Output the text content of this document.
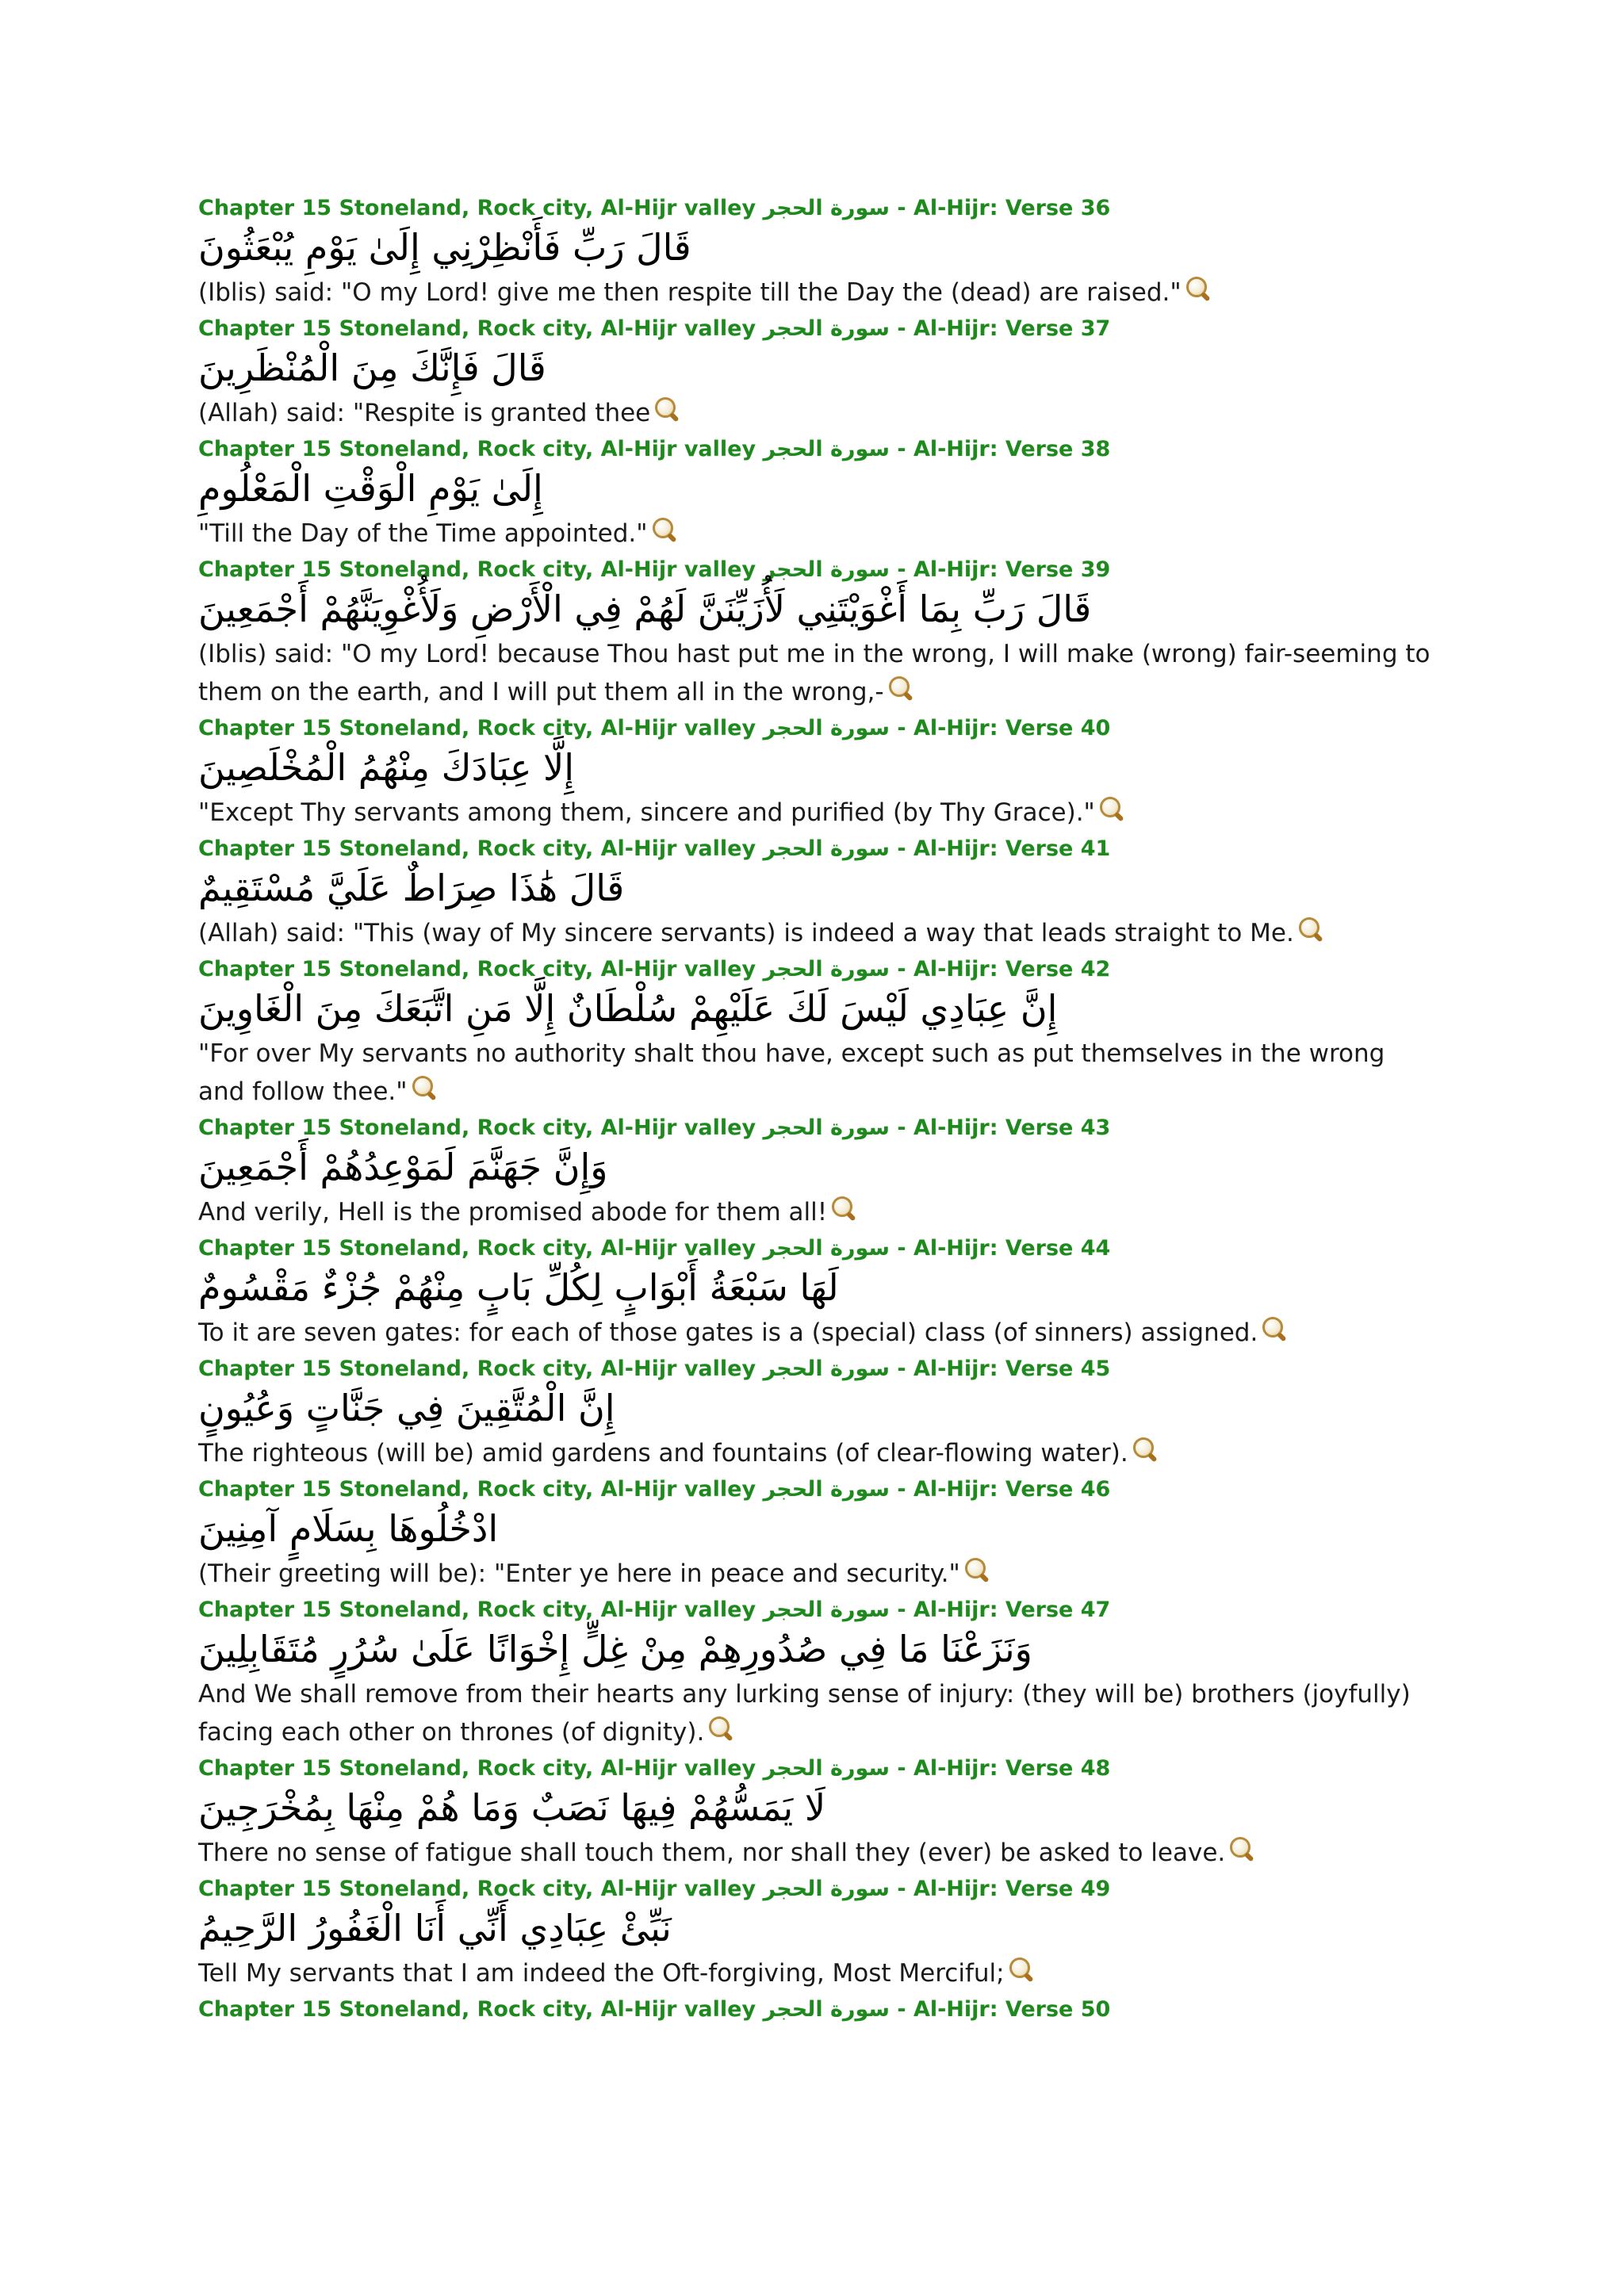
Chapter 15 Stoneland, Rock city, Al-Hijr valley سورة الحجر - Al-Hijr: Verse 36
قَالَ رَبِّ فَأَنْظِرْنِي إِلَىٰ يَوْمِ يُبْعَثُونَ
(Iblis) said: "O my Lord! give me then respite till the Day the (dead) are raised."
Chapter 15 Stoneland, Rock city, Al-Hijr valley سورة الحجر - Al-Hijr: Verse 37
قَالَ فَإِنَّكَ مِنَ الْمُنْظَرِينَ
(Allah) said: "Respite is granted thee
Chapter 15 Stoneland, Rock city, Al-Hijr valley سورة الحجر - Al-Hijr: Verse 38
إِلَىٰ يَوْمِ الْوَقْتِ الْمَعْلُومِ
"Till the Day of the Time appointed."
Chapter 15 Stoneland, Rock city, Al-Hijr valley سورة الحجر - Al-Hijr: Verse 39
قَالَ رَبِّ بِمَا أَغْوَيْتَنِي لَأُزَيِّنَنَّ لَهُمْ فِي الْأَرْضِ وَلَأُغْوِيَنَّهُمْ أَجْمَعِينَ
(Iblis) said: "O my Lord! because Thou hast put me in the wrong, I will make (wrong) fair-seeming to them on the earth, and I will put them all in the wrong,-
Chapter 15 Stoneland, Rock city, Al-Hijr valley سورة الحجر - Al-Hijr: Verse 40
إِلَّا عِبَادَكَ مِنْهُمُ الْمُخْلَصِينَ
"Except Thy servants among them, sincere and purified (by Thy Grace)."
Chapter 15 Stoneland, Rock city, Al-Hijr valley سورة الحجر - Al-Hijr: Verse 41
قَالَ هَٰذَا صِرَاطٌ عَلَيَّ مُسْتَقِيمٌ
(Allah) said: "This (way of My sincere servants) is indeed a way that leads straight to Me.
Chapter 15 Stoneland, Rock city, Al-Hijr valley سورة الحجر - Al-Hijr: Verse 42
إِنَّ عِبَادِي لَيْسَ لَكَ عَلَيْهِمْ سُلْطَانٌ إِلَّا مَنِ اتَّبَعَكَ مِنَ الْغَاوِينَ
"For over My servants no authority shalt thou have, except such as put themselves in the wrong and follow thee."
Chapter 15 Stoneland, Rock city, Al-Hijr valley سورة الحجر - Al-Hijr: Verse 43
وَإِنَّ جَهَنَّمَ لَمَوْعِدُهُمْ أَجْمَعِينَ
And verily, Hell is the promised abode for them all!
Chapter 15 Stoneland, Rock city, Al-Hijr valley سورة الحجر - Al-Hijr: Verse 44
لَهَا سَبْعَةُ أَبْوَابٍ لِكُلِّ بَابٍ مِنْهُمْ جُزْءٌ مَقْسُومٌ
To it are seven gates: for each of those gates is a (special) class (of sinners) assigned.
Chapter 15 Stoneland, Rock city, Al-Hijr valley سورة الحجر - Al-Hijr: Verse 45
إِنَّ الْمُتَّقِينَ فِي جَنَّاتٍ وَعُيُونٍ
The righteous (will be) amid gardens and fountains (of clear-flowing water).
Chapter 15 Stoneland, Rock city, Al-Hijr valley سورة الحجر - Al-Hijr: Verse 46
ادْخُلُوهَا بِسَلَامٍ آمِنِينَ
(Their greeting will be): "Enter ye here in peace and security."
Chapter 15 Stoneland, Rock city, Al-Hijr valley سورة الحجر - Al-Hijr: Verse 47
وَنَزَعْنَا مَا فِي صُدُورِهِمْ مِنْ غِلٍّ إِخْوَانًا عَلَىٰ سُرُرٍ مُتَقَابِلِينَ
And We shall remove from their hearts any lurking sense of injury: (they will be) brothers (joyfully) facing each other on thrones (of dignity).
Chapter 15 Stoneland, Rock city, Al-Hijr valley سورة الحجر - Al-Hijr: Verse 48
لَا يَمَسُّهُمْ فِيهَا نَصَبٌ وَمَا هُمْ مِنْهَا بِمُخْرَجِينَ
There no sense of fatigue shall touch them, nor shall they (ever) be asked to leave.
Chapter 15 Stoneland, Rock city, Al-Hijr valley سورة الحجر - Al-Hijr: Verse 49
نَبِّئْ عِبَادِي أَنِّي أَنَا الْغَفُورُ الرَّحِيمُ
Tell My servants that I am indeed the Oft-forgiving, Most Merciful;
Chapter 15 Stoneland, Rock city, Al-Hijr valley سورة الحجر - Al-Hijr: Verse 50
